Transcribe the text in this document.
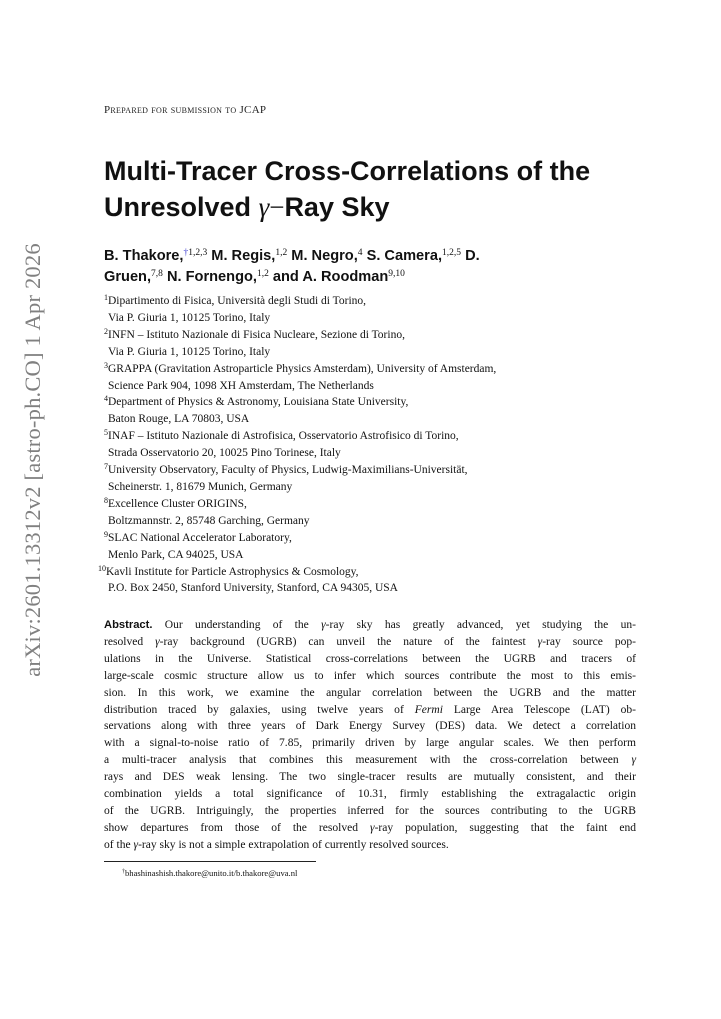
arXiv:2601.13312v2 [astro-ph.CO] 1 Apr 2026
Prepared for submission to JCAP
Multi-Tracer Cross-Correlations of the
Unresolved γ−Ray Sky
B. Thakore,$^{\dagger 1,2,3}$ M. Regis,$^{1,2}$ M. Negro,$^4$ S. Camera,$^{1,2,5}$ D.
Gruen,$^{7,8}$ N. Fornengo,$^{1,2}$ and A. Roodman$^{9,10}$
$^1$Dipartimento di Fisica, Università degli Studi di Torino,
Via P. Giuria 1, 10125 Torino, Italy
$^2$INFN – Istituto Nazionale di Fisica Nucleare, Sezione di Torino,
Via P. Giuria 1, 10125 Torino, Italy
$^3$GRAPPA (Gravitation Astroparticle Physics Amsterdam), University of Amsterdam,
Science Park 904, 1098 XH Amsterdam, The Netherlands
$^4$Department of Physics & Astronomy, Louisiana State University,
Baton Rouge, LA 70803, USA
$^5$INAF – Istituto Nazionale di Astrofisica, Osservatorio Astrofisico di Torino,
Strada Osservatorio 20, 10025 Pino Torinese, Italy
$^7$University Observatory, Faculty of Physics, Ludwig-Maximilians-Universität,
Scheinerstr. 1, 81679 Munich, Germany
$^8$Excellence Cluster ORIGINS,
Boltzmannstr. 2, 85748 Garching, Germany
$^9$SLAC National Accelerator Laboratory,
Menlo Park, CA 94025, USA
$^{10}$Kavli Institute for Particle Astrophysics & Cosmology,
P.O. Box 2450, Stanford University, Stanford, CA 94305, USA
Abstract. Our understanding of the γ-ray sky has greatly advanced, yet studying the un-
resolved γ-ray background (UGRB) can unveil the nature of the faintest γ-ray source pop-
ulations in the Universe. Statistical cross-correlations between the UGRB and tracers of
large-scale cosmic structure allow us to infer which sources contribute the most to this emis-
sion. In this work, we examine the angular correlation between the UGRB and the matter
distribution traced by galaxies, using twelve years of Fermi Large Area Telescope (LAT) ob-
servations along with three years of Dark Energy Survey (DES) data. We detect a correlation
with a signal-to-noise ratio of 7.85, primarily driven by large angular scales. We then perform
a multi-tracer analysis that combines this measurement with the cross-correlation between γ
rays and DES weak lensing. The two single-tracer results are mutually consistent, and their
combination yields a total significance of 10.31, firmly establishing the extragalactic origin
of the UGRB. Intriguingly, the properties inferred for the sources contributing to the UGRB
show departures from those of the resolved γ-ray population, suggesting that the faint end
of the γ-ray sky is not a simple extrapolation of currently resolved sources.
†bhashinashish.thakore@unito.it/b.thakore@uva.nl
